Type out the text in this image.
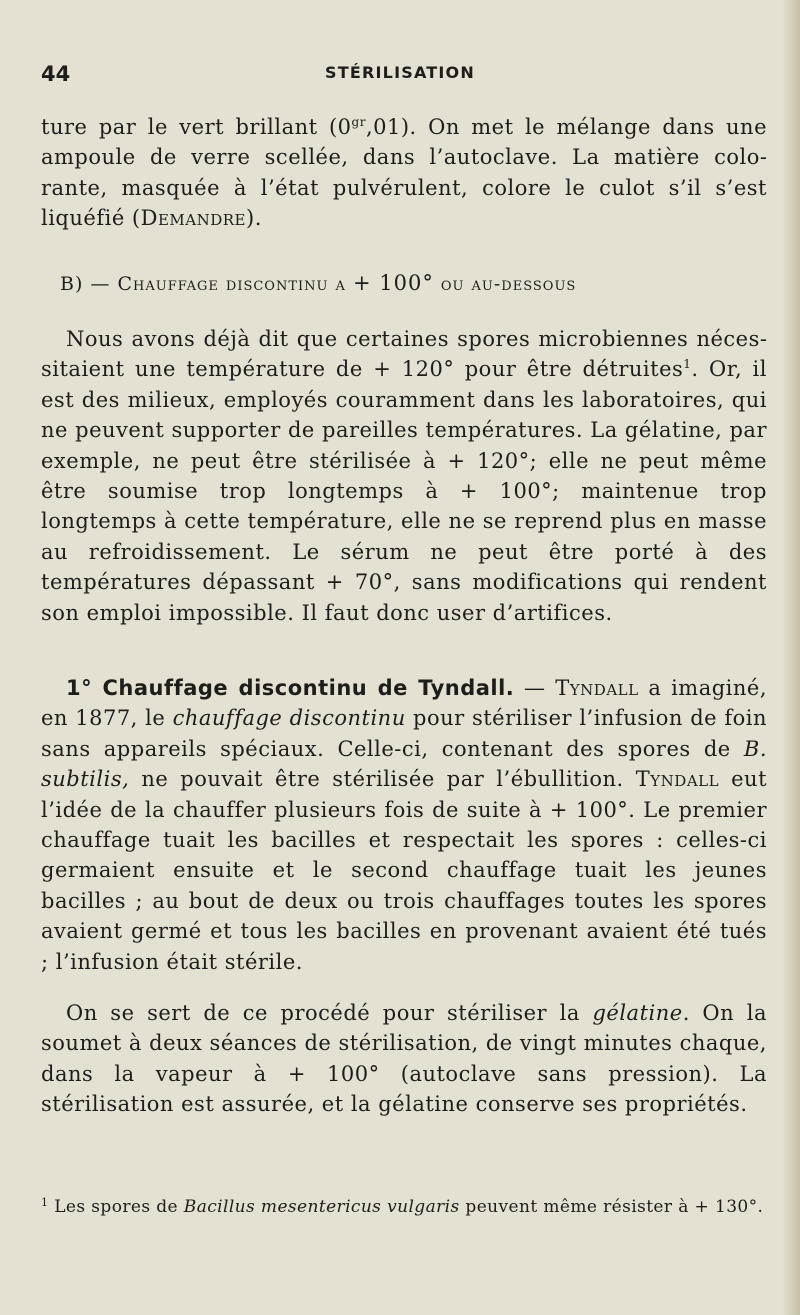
44	STÉRILISATION

ture par le vert brillant $(0^{gr},01)$. On met le mélange dans une ampoule de verre scellée, dans l’autoclave. La matière colorante, masquée à l’état pulvérulent, colore le culot s’il s’est liquéfié (Demandre).

B) — Chauffage discontinu a + 100° ou au-dessous

Nous avons déjà dit que certaines spores microbiennes nécessitaient une température de + 120° pour être détruites$^1$. Or, il est des milieux, employés couramment dans les laboratoires, qui ne peuvent supporter de pareilles températures. La gélatine, par exemple, ne peut être stérilisée à + 120°; elle ne peut même être soumise trop longtemps à + 100°; maintenue trop longtemps à cette température, elle ne se reprend plus en masse au refroidissement. Le sérum ne peut être porté à des températures dépassant + 70°, sans modifications qui rendent son emploi impossible. Il faut donc user d’artifices.

1° Chauffage discontinu de Tyndall. — Tyndall a imaginé, en 1877, le chauffage discontinu pour stériliser l’infusion de foin sans appareils spéciaux. Celle-ci, contenant des spores de B. subtilis, ne pouvait être stérilisée par l’ébullition. Tyndall eut l’idée de la chauffer plusieurs fois de suite à + 100°. Le premier chauffage tuait les bacilles et respectait les spores : celles-ci germaient ensuite et le second chauffage tuait les jeunes bacilles ; au bout de deux ou trois chauffages toutes les spores avaient germé et tous les bacilles en provenant avaient été tués ; l’infusion était stérile.

On se sert de ce procédé pour stériliser la gélatine. On la soumet à deux séances de stérilisation, de vingt minutes chaque, dans la vapeur à + 100° (autoclave sans pression). La stérilisation est assurée, et la gélatine conserve ses propriétés.

$^1$ Les spores de Bacillus mesentericus vulgaris peuvent même résister à + 130°.
